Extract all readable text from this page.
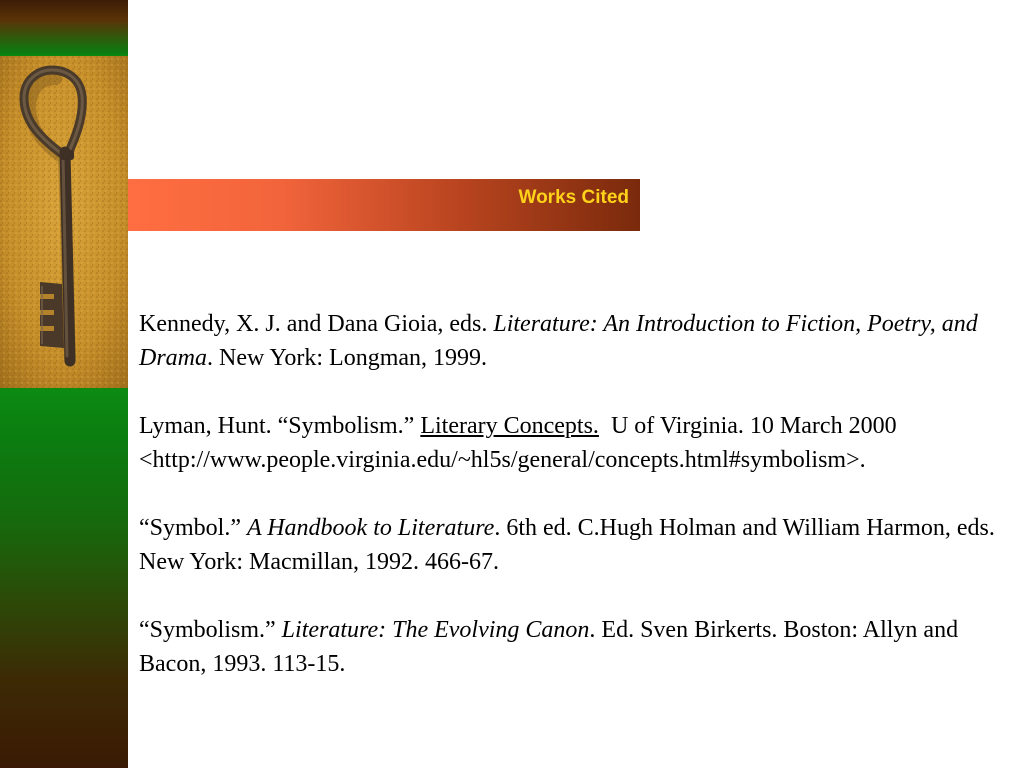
Works Cited

Kennedy, X. J. and Dana Gioia, eds. Literature: An Introduction to Fiction, Poetry, and Drama. New York: Longman, 1999.

Lyman, Hunt. “Symbolism.” Literary Concepts.  U of Virginia. 10 March 2000 <http://www.people.virginia.edu/~hl5s/general/concepts.html#symbolism>.

“Symbol.” A Handbook to Literature. 6th ed. C.Hugh Holman and William Harmon, eds. New York: Macmillan, 1992. 466-67.

“Symbolism.” Literature: The Evolving Canon. Ed. Sven Birkerts. Boston: Allyn and Bacon, 1993. 113-15.
